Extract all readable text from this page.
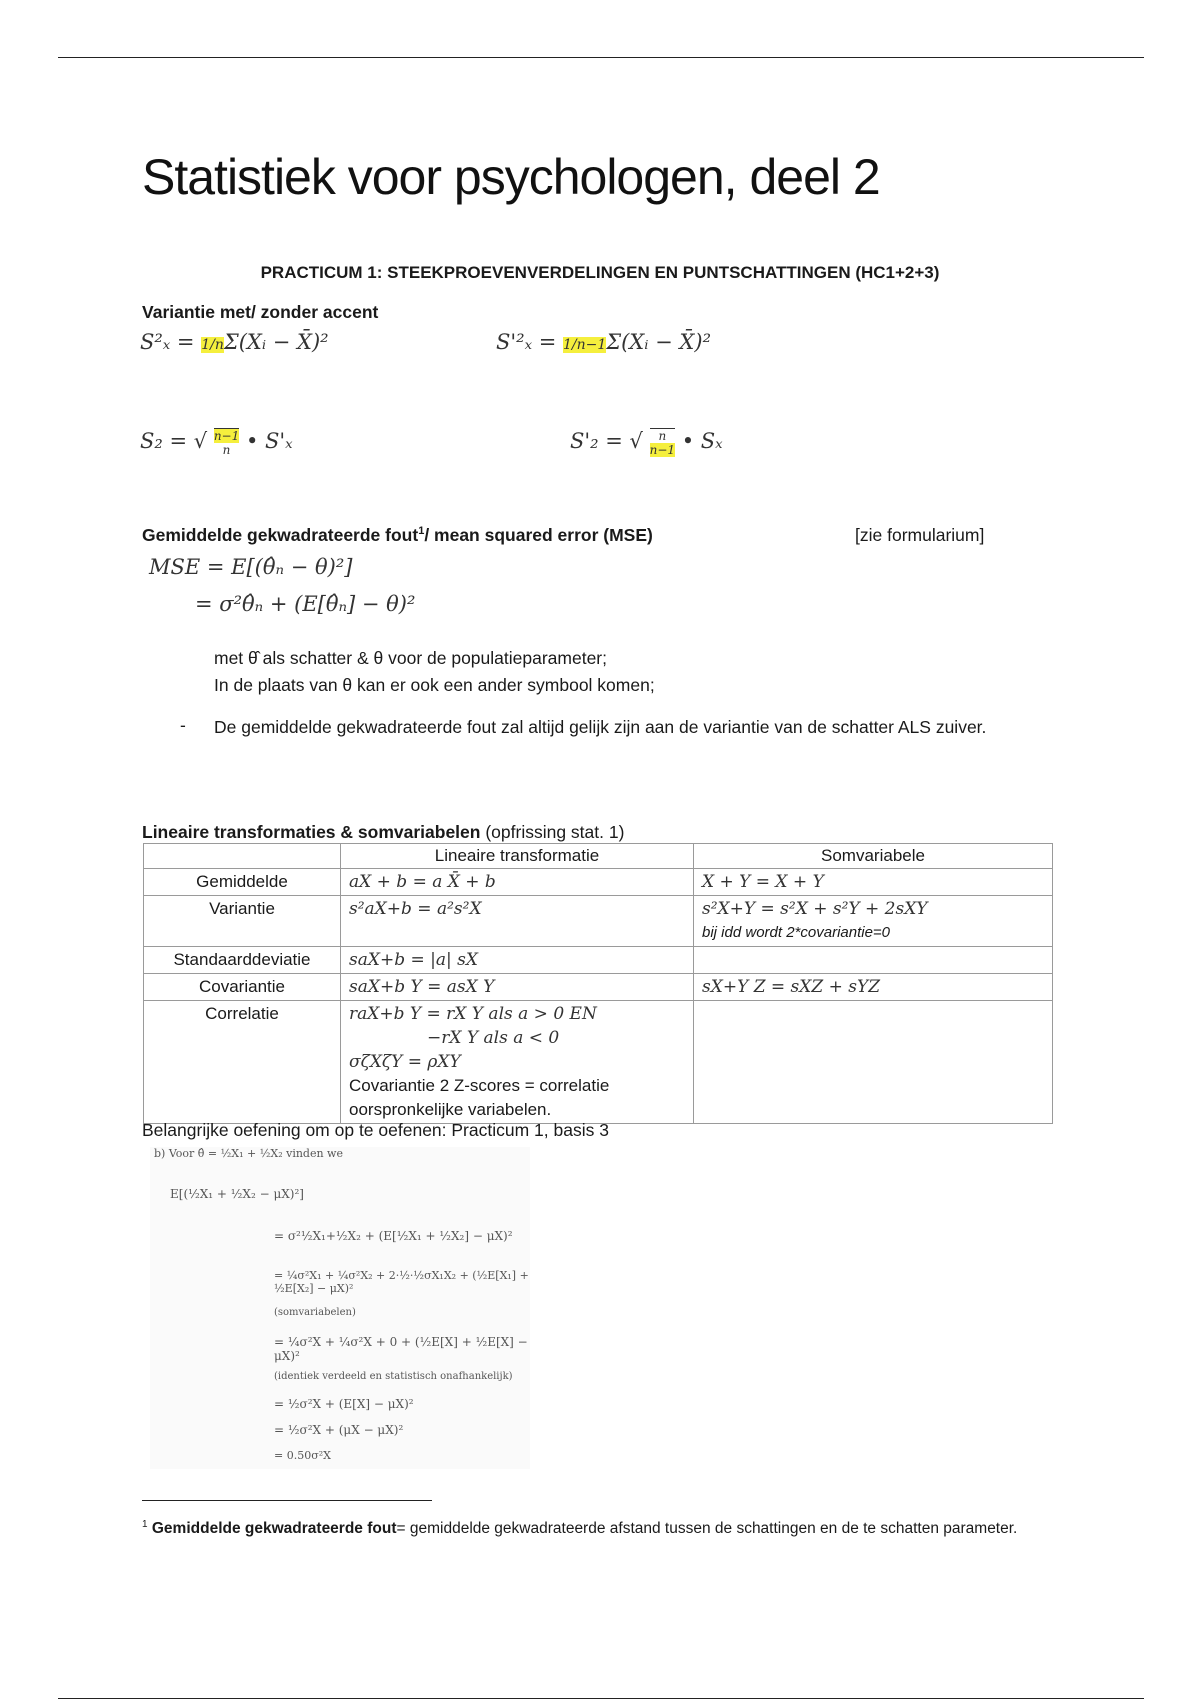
Statistiek voor psychologen, deel 2
PRACTICUM 1: STEEKPROEVENVERDELINGEN EN PUNTSCHATTINGEN (HC1+2+3)
Variantie met/ zonder accent
S²ₓ = 1/nΣ(Xᵢ − X̄)²	S'²ₓ = 1/n−1Σ(Xᵢ − X̄)²
S₂ = √ n−1
n • S'ₓ	S'₂ = √	n
n−1 • Sₓ
Gemiddelde gekwadrateerde fout$^1$/ mean squared error (MSE)	[zie formularium]
MSE = E[(θ̂ₙ − θ)²]
= σ²θ̂ₙ + (E[θ̂ₙ] − θ)²
met θ̂ als schatter & θ voor de populatieparameter;
In de plaats van θ kan er ook een ander symbool komen;
- De gemiddelde gekwadrateerde fout zal altijd gelijk zijn aan de variantie van de schatter ALS zuiver.
Lineaire transformaties & somvariabelen (opfrissing stat. 1)
	Lineaire transformatie	Somvariabele
Gemiddelde	aX + b = a X̄ + b	X + Y = X + Y
Variantie	s²aX+b = a²s²X	s²X+Y = s²X + s²Y + 2sXY
bij idd wordt 2*covariantie=0

Standaarddeviatie	saX+b = |a| sX	
Covariantie	saX+b Y = asX Y	sX+Y Z = sXZ + sYZ
Correlatie	raX+b Y = rX Y als a > 0 EN
−rX Y als a < 0
σζXζY = ρXY
Covariantie 2 Z-scores = correlatie oorspronkelijke variabelen.	

Belangrijke oefening om op te oefenen: Practicum 1, basis 3
b) Voor θ̂ = ½X₁ + ½X₂ vinden we
E[(½X₁ + ½X₂ − μX)²]
= σ²½X₁+½X₂ + (E[½X₁ + ½X₂] − μX)²
= ¼σ²X₁ + ¼σ²X₂ + 2·½·½σX₁X₂ + (½E[X₁] + ½E[X₂] − μX)²
(somvariabelen)
= ¼σ²X + ¼σ²X + 0 + (½E[X] + ½E[X] − μX)²
(identiek verdeeld en statistisch onafhankelijk)
= ½σ²X + (E[X] − μX)²
= ½σ²X + (μX − μX)²
= 0.50σ²X
$^1$ Gemiddelde gekwadrateerde fout= gemiddelde gekwadrateerde afstand tussen de schattingen en de te schatten parameter.
